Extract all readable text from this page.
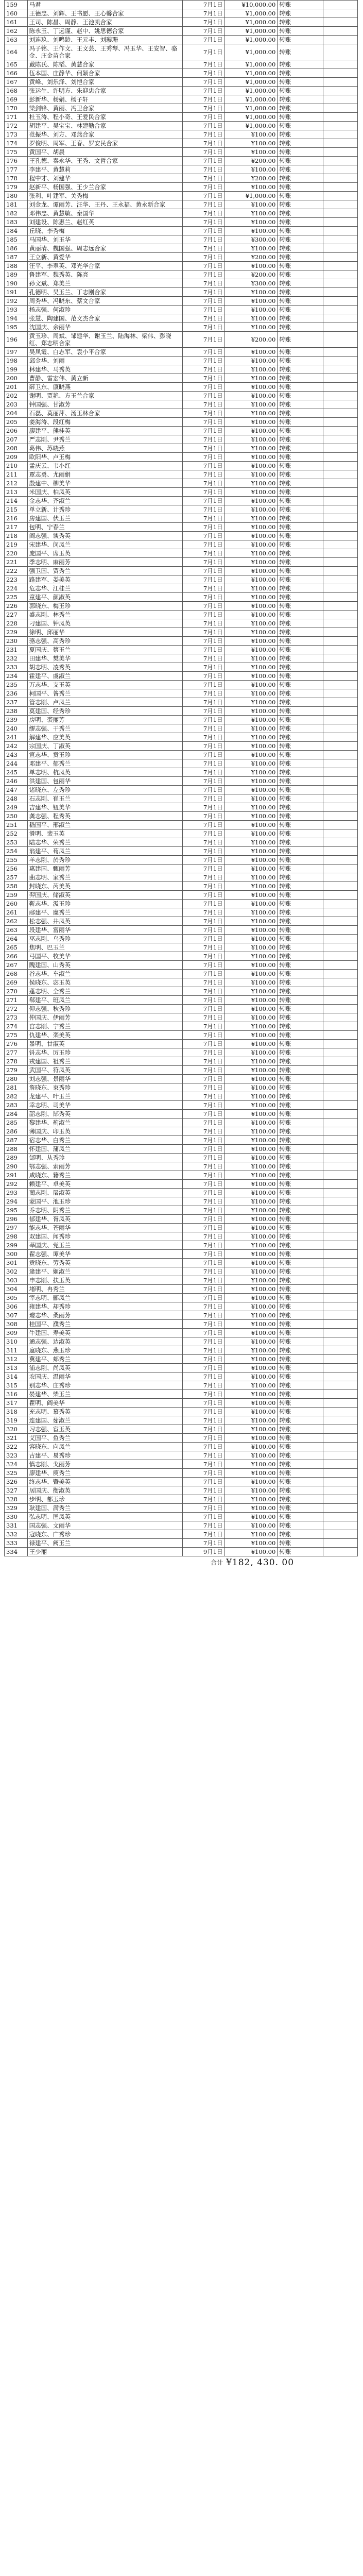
159	马君	7月1日	¥10,000.00	转账	
160	王德忠、刘辉、王书愿、王心馨合家	7月1日	¥1,000.00	转账	
161	王司、陈昌、周静、王池凯合家	7月1日	¥1,000.00	转账	
162	陈永玉、丁远谨、赵中、姚思德合家	7月1日	¥1,000.00	转账	
163	刘连玖、刘鸣龄、王元丰、刘璇珊	7月1日	¥1,000.00	转账	
164	冯子铭、王作文、王文芸、王秀琴、冯玉华、王安智、骆金、庄金苗合家	7月1日	¥1,000.00	转账	
165	戴陈氏、陈韬、黄慧合家	7月1日	¥1,000.00	转账	
166	伍本国、庄静华、何颖合家	7月1日	¥1,000.00	转账	
167	黄峰、刘乐泽、刘恺合家	7月1日	¥1,000.00	转账	
168	张运生、许明方、朱迎忠合家	7月1日	¥1,000.00	转账	
169	彭新华、杨娟、杨子轩	7月1日	¥1,000.00	转账	
170	梁剑锋、黄丽、冯卫合家	7月1日	¥1,000.00	转账	
171	杜玉涛、程小奇、王爱民合家	7月1日	¥1,000.00	转账	
172	胡建平、吴宝宝、林建勤合家	7月1日	¥1,000.00	转账	
173	范振华、刘方、邓燕合家	7月1日	¥100.00	转账	
174	罗俊明、周军、王春、罗安民合家	7月1日	¥100.00	转账	
175	黄国平、胡晨	7月1日	¥100.00	转账	
176	王孔德、秦永华、王秀、文哲合家	7月1日	¥200.00	转账	
177	李建平、黄慧莉	7月1日	¥100.00	转账	
178	程中才、刘建华	7月1日	¥200.00	转账	
179	赵新平、杨国强、王少兰合家	7月1日	¥100.00	转账	
180	张利、叶建军、关秀梅	7月1日	¥1,000.00	转账	
181	刘金龙、谭丽芳、汪华、王丹、王永福、黄永新合家	7月1日	¥100.00	转账	
182	邓伟忠、黄慧敏、秦国华	7月1日	¥100.00	转账	
183	刘建设、陈惠兰、赵红英	7月1日	¥100.00	转账	
184	丘晓、李秀梅	7月1日	¥100.00	转账	
185	马国华、刘玉华	7月1日	¥300.00	转账	
186	黄丽清、魏国强、周志远合家	7月1日	¥100.00	转账	
187	王立新、黄爱华	7月1日	¥200.00	转账	
188	汪平、李翠英、邓光华合家	7月1日	¥100.00	转账	
189	鲁建军、魏秀英、陈亮	7月1日	¥200.00	转账	
190	孙文斌、郑美兰	7月1日	¥300.00	转账	
191	孔德明、吴玉兰、丁志刚合家	7月1日	¥100.00	转账	
192	周秀华、冯晓东、蔡文合家	7月1日	¥100.00	转账	
193	杨志强、何淑珍	7月1日	¥100.00	转账	
194	张慧、陶建国、范文杰合家	7月1日	¥100.00	转账	
195	沈国庆、余丽华	7月1日	¥100.00	转账	
196	黄玉珍、周斌、邹建华、谢玉兰、陆海林、梁伟、彭晓红、郑志明合家	7月1日	¥200.00	转账	
197	吴凤霞、白志军、袁小平合家	7月1日	¥100.00	转账	
198	邱金华、刘丽	7月1日	¥100.00	转账	
199	林建华、马秀英	7月1日	¥100.00	转账	
200	曹静、雷宏伟、黄立新	7月1日	¥100.00	转账	
201	薛卫东、康晓燕	7月1日	¥100.00	转账	
202	谢明、贾艳、方玉兰合家	7月1日	¥100.00	转账	
203	钟国强、甘淑芳	7月1日	¥100.00	转账	
204	石磊、莫丽萍、汤玉林合家	7月1日	¥100.00	转账	
205	姜海涛、段红梅	7月1日	¥100.00	转账	
206	廖建平、熊桂英	7月1日	¥100.00	转账	
207	严志刚、尹秀兰	7月1日	¥100.00	转账	
208	葛伟、苏晓燕	7月1日	¥100.00	转账	
209	欧阳华、卢玉梅	7月1日	¥100.00	转账	
210	孟庆云、韦小红	7月1日	¥100.00	转账	
211	覃志勇、尤丽娟	7月1日	¥100.00	转账	
212	殷建中、柳美华	7月1日	¥100.00	转账	
213	米国庆、柏凤英	7月1日	¥100.00	转账	
214	金志华、齐淑兰	7月1日	¥100.00	转账	
215	单立新、计秀珍	7月1日	¥100.00	转账	
216	房建国、伏玉兰	7月1日	¥100.00	转账	
217	包明、宁春兰	7月1日	¥100.00	转账	
218	阎志强、谈秀英	7月1日	¥100.00	转账	
219	宋建华、闵凤兰	7月1日	¥100.00	转账	
220	庞国平、席玉英	7月1日	¥100.00	转账	
221	季志明、麻丽芳	7月1日	¥100.00	转账	
222	强卫国、贾秀兰	7月1日	¥100.00	转账	
223	路建军、娄美英	7月1日	¥100.00	转账	
224	危志华、江桂兰	7月1日	¥100.00	转账	
225	童建平、颜淑英	7月1日	¥100.00	转账	
226	郭晓东、梅玉珍	7月1日	¥100.00	转账	
227	盛志刚、林秀兰	7月1日	¥100.00	转账	
228	刁建国、钟凤英	7月1日	¥100.00	转账	
229	徐明、邱丽华	7月1日	¥100.00	转账	
230	骆志强、高秀珍	7月1日	¥100.00	转账	
231	夏国庆、蔡玉兰	7月1日	¥100.00	转账	
232	田建华、樊美华	7月1日	¥100.00	转账	
233	胡志明、凌秀英	7月1日	¥100.00	转账	
234	霍建平、虞淑兰	7月1日	¥100.00	转账	
235	万志华、支玉英	7月1日	¥100.00	转账	
236	柯国平、昝秀兰	7月1日	¥100.00	转账	
237	管志刚、卢凤兰	7月1日	¥100.00	转账	
238	莫建国、经秀珍	7月1日	¥100.00	转账	
239	房明、裘丽芳	7月1日	¥100.00	转账	
240	缪志强、干秀兰	7月1日	¥100.00	转账	
241	解建华、应美英	7月1日	¥100.00	转账	
242	宗国庆、丁淑英	7月1日	¥100.00	转账	
243	宣志华、贲玉珍	7月1日	¥100.00	转账	
244	邓建平、郁秀兰	7月1日	¥100.00	转账	
245	单志明、杭凤英	7月1日	¥100.00	转账	
246	洪建国、包丽华	7月1日	¥100.00	转账	
247	诸晓东、左秀珍	7月1日	¥100.00	转账	
248	石志刚、崔玉兰	7月1日	¥100.00	转账	
249	吉建华、钮美华	7月1日	¥100.00	转账	
250	龚志强、程秀英	7月1日	¥100.00	转账	
251	嵇国平、邢淑兰	7月1日	¥100.00	转账	
252	滑明、裴玉英	7月1日	¥100.00	转账	
253	陆志华、荣秀兰	7月1日	¥100.00	转账	
254	翁建平、荀凤兰	7月1日	¥100.00	转账	
255	羊志刚、於秀珍	7月1日	¥100.00	转账	
256	惠建国、甄丽芳	7月1日	¥100.00	转账	
257	曲志明、家秀兰	7月1日	¥100.00	转账	
258	封晓东、芮美英	7月1日	¥100.00	转账	
259	羿国庆、储淑英	7月1日	¥100.00	转账	
260	靳志华、汲玉珍	7月1日	¥100.00	转账	
261	邴建平、糜秀兰	7月1日	¥100.00	转账	
262	松志强、井凤英	7月1日	¥100.00	转账	
263	段建华、富丽华	7月1日	¥100.00	转账	
264	巫志刚、乌秀珍	7月1日	¥100.00	转账	
265	焦明、巴玉兰	7月1日	¥100.00	转账	
266	弓国平、牧美华	7月1日	¥100.00	转账	
267	隗建国、山秀英	7月1日	¥100.00	转账	
268	谷志华、车淑兰	7月1日	¥100.00	转账	
269	侯晓东、宓玉英	7月1日	¥100.00	转账	
270	蓬志明、全秀兰	7月1日	¥100.00	转账	
271	郗建平、班凤兰	7月1日	¥100.00	转账	
272	仰志强、秋秀珍	7月1日	¥100.00	转账	
273	仲国庆、伊丽芳	7月1日	¥100.00	转账	
274	宫志刚、宁秀兰	7月1日	¥100.00	转账	
275	仇建华、栾美英	7月1日	¥100.00	转账	
276	暴明、甘淑英	7月1日	¥100.00	转账	
277	钭志华、厉玉珍	7月1日	¥100.00	转账	
278	戎建国、祖秀兰	7月1日	¥100.00	转账	
279	武国平、符凤英	7月1日	¥100.00	转账	
280	刘志强、景丽华	7月1日	¥100.00	转账	
281	詹晓东、束秀珍	7月1日	¥100.00	转账	
282	龙建平、叶玉兰	7月1日	¥100.00	转账	
283	幸志明、司美华	7月1日	¥100.00	转账	
284	韶志刚、郜秀英	7月1日	¥100.00	转账	
285	黎建华、蓟淑兰	7月1日	¥100.00	转账	
286	薄国庆、印玉英	7月1日	¥100.00	转账	
287	宿志华、白秀兰	7月1日	¥100.00	转账	
288	怀建国、蒲凤兰	7月1日	¥100.00	转账	
289	邰明、从秀珍	7月1日	¥100.00	转账	
290	鄂志强、索丽芳	7月1日	¥100.00	转账	
291	咸晓东、籍秀兰	7月1日	¥100.00	转账	
292	赖建平、卓美英	7月1日	¥100.00	转账	
293	蔺志刚、屠淑英	7月1日	¥100.00	转账	
294	蒙国平、池玉珍	7月1日	¥100.00	转账	
295	乔志明、阴秀兰	7月1日	¥100.00	转账	
296	郁建华、胥凤英	7月1日	¥100.00	转账	
297	能志华、苍丽华	7月1日	¥100.00	转账	
298	双建国、闻秀珍	7月1日	¥100.00	转账	
299	莘国庆、党玉兰	7月1日	¥100.00	转账	
300	翟志强、谭美华	7月1日	¥100.00	转账	
301	贡晓东、劳秀英	7月1日	¥100.00	转账	
302	逄建平、姬淑兰	7月1日	¥100.00	转账	
303	申志刚、扶玉英	7月1日	¥100.00	转账	
304	堵明、冉秀兰	7月1日	¥100.00	转账	
305	宰志明、郦凤兰	7月1日	¥100.00	转账	
306	雍建华、却秀珍	7月1日	¥100.00	转账	
307	璩志华、桑丽芳	7月1日	¥100.00	转账	
308	桂国平、濮秀兰	7月1日	¥100.00	转账	
309	牛建国、寿美英	7月1日	¥100.00	转账	
310	通志强、边淑英	7月1日	¥100.00	转账	
311	扈晓东、燕玉珍	7月1日	¥100.00	转账	
312	冀建平、郏秀兰	7月1日	¥100.00	转账	
313	浦志刚、尚凤英	7月1日	¥100.00	转账	
314	农国庆、温丽华	7月1日	¥100.00	转账	
315	别志华、庄秀珍	7月1日	¥100.00	转账	
316	晏建华、柴玉兰	7月1日	¥100.00	转账	
317	瞿明、阎美华	7月1日	¥100.00	转账	
318	充志明、慕秀英	7月1日	¥100.00	转账	
319	连建国、茹淑兰	7月1日	¥100.00	转账	
320	习志强、宦玉英	7月1日	¥100.00	转账	
321	艾国平、鱼秀兰	7月1日	¥100.00	转账	
322	容晓东、向凤兰	7月1日	¥100.00	转账	
323	古建平、易秀珍	7月1日	¥100.00	转账	
324	慎志刚、戈丽芳	7月1日	¥100.00	转账	
325	廖建华、庾秀兰	7月1日	¥100.00	转账	
326	终志华、暨美英	7月1日	¥100.00	转账	
327	居国庆、衡淑英	7月1日	¥100.00	转账	
328	步明、都玉珍	7月1日	¥100.00	转账	
329	耿建国、满秀兰	7月1日	¥100.00	转账	
330	弘志明、匡凤英	7月1日	¥100.00	转账	
331	国志强、文丽华	7月1日	¥100.00	转账	
332	寇晓东、广秀珍	7月1日	¥100.00	转账	
333	禄建平、阙玉兰	7月1日	¥100.00	转账	
334	王少丽	9月1日	¥100.00	转账	
		合计	¥182, 430. 00		
